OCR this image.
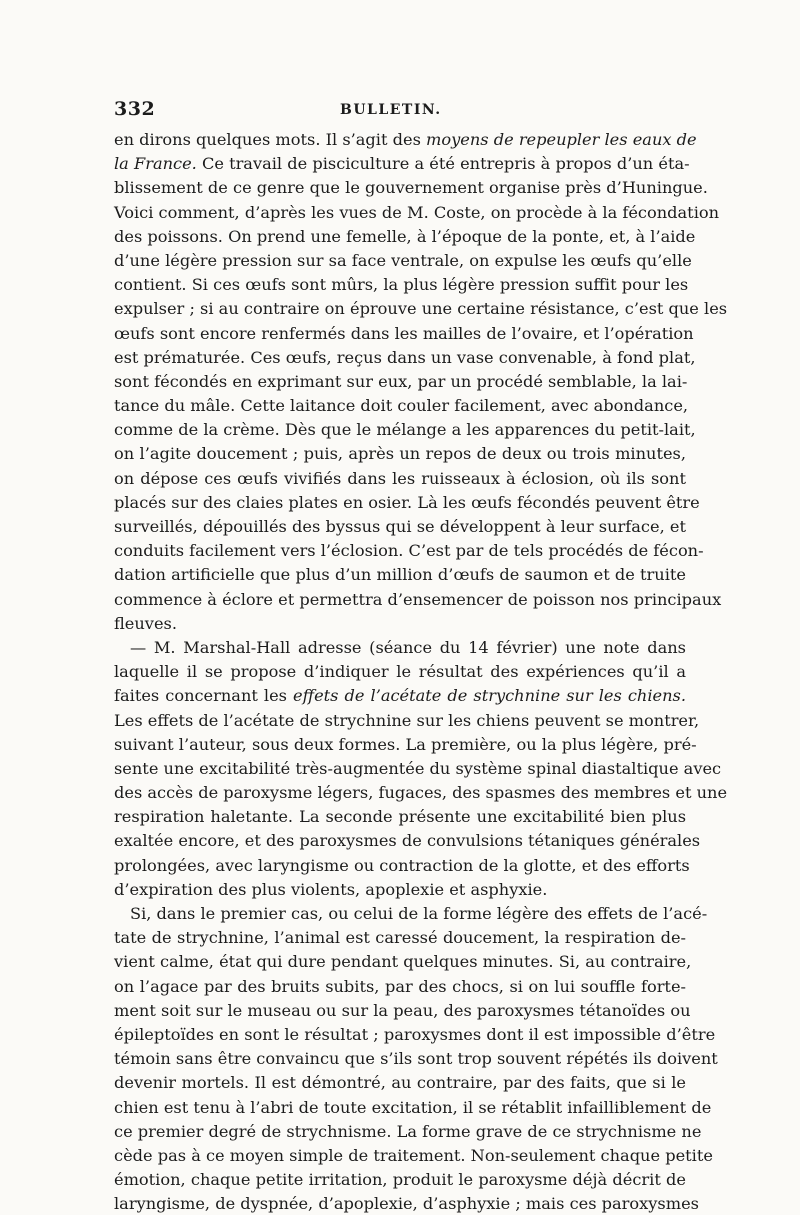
332	BULLETIN.
en dirons quelques mots. Il s’agit des moyens de repeupler les eaux de
la France. Ce travail de pisciculture a été entrepris à propos d’un éta-
blissement de ce genre que le gouvernement organise près d’Huningue.
Voici comment, d’après les vues de M. Coste, on procède à la fécondation
des poissons. On prend une femelle, à l’époque de la ponte, et, à l’aide
d’une légère pression sur sa face ventrale, on expulse les œufs qu’elle
contient. Si ces œufs sont mûrs, la plus légère pression suffit pour les
expulser ; si au contraire on éprouve une certaine résistance, c’est que les
œufs sont encore renfermés dans les mailles de l’ovaire, et l’opération
est prématurée. Ces œufs, reçus dans un vase convenable, à fond plat,
sont fécondés en exprimant sur eux, par un procédé semblable, la lai-
tance du mâle. Cette laitance doit couler facilement, avec abondance,
comme de la crème. Dès que le mélange a les apparences du petit-lait,
on l’agite doucement ; puis, après un repos de deux ou trois minutes,
on dépose ces œufs vivifiés dans les ruisseaux à éclosion, où ils sont
placés sur des claies plates en osier. Là les œufs fécondés peuvent être
surveillés, dépouillés des byssus qui se développent à leur surface, et
conduits facilement vers l’éclosion. C’est par de tels procédés de fécon-
dation artificielle que plus d’un million d’œufs de saumon et de truite
commence à éclore et permettra d’ensemencer de poisson nos principaux
fleuves.
— M. Marshal-Hall adresse (séance du 14 février) une note dans
laquelle il se propose d’indiquer le résultat des expériences qu’il a
faites concernant les effets de l’acétate de strychnine sur les chiens.
Les effets de l’acétate de strychnine sur les chiens peuvent se montrer,
suivant l’auteur, sous deux formes. La première, ou la plus légère, pré-
sente une excitabilité très-augmentée du système spinal diastaltique avec
des accès de paroxysme légers, fugaces, des spasmes des membres et une
respiration haletante. La seconde présente une excitabilité bien plus
exaltée encore, et des paroxysmes de convulsions tétaniques générales
prolongées, avec laryngisme ou contraction de la glotte, et des efforts
d’expiration des plus violents, apoplexie et asphyxie.
Si, dans le premier cas, ou celui de la forme légère des effets de l’acé-
tate de strychnine, l’animal est caressé doucement, la respiration de-
vient calme, état qui dure pendant quelques minutes. Si, au contraire,
on l’agace par des bruits subits, par des chocs, si on lui souffle forte-
ment soit sur le museau ou sur la peau, des paroxysmes tétanoïdes ou
épileptoïdes en sont le résultat ; paroxysmes dont il est impossible d’être
témoin sans être convaincu que s’ils sont trop souvent répétés ils doivent
devenir mortels. Il est démontré, au contraire, par des faits, que si le
chien est tenu à l’abri de toute excitation, il se rétablit infailliblement de
ce premier degré de strychnisme. La forme grave de ce strychnisme ne
cède pas à ce moyen simple de traitement. Non-seulement chaque petite
émotion, chaque petite irritation, produit le paroxysme déjà décrit de
laryngisme, de dyspnée, d’apoplexie, d’asphyxie ; mais ces paroxysmes
